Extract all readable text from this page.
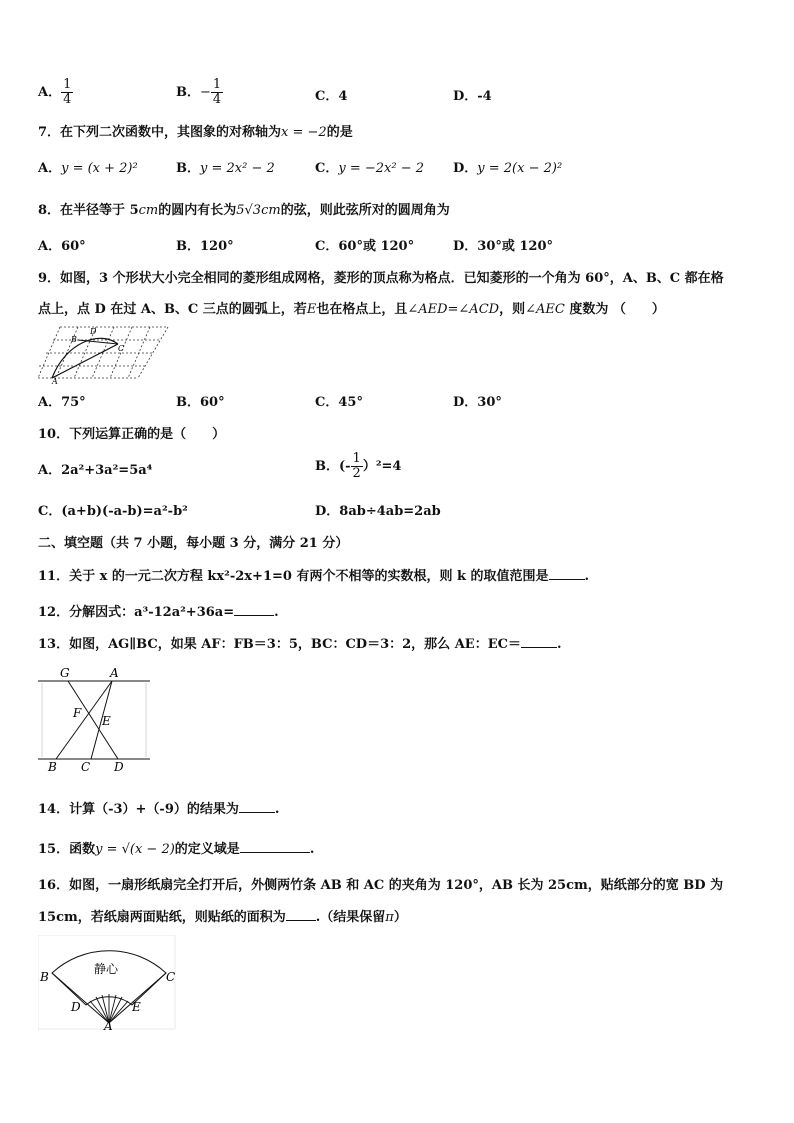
A． $\frac{1}{4}$	B．− $\frac{1}{4}$	C．4	D．-4
7．在下列二次函数中，其图象的对称轴为x = −2的是
A．y = (x + 2)²	B．y = 2x² − 2	C．y = −2x² − 2 D．y = 2(x − 2)²
8．在半径等于 5cm的圆内有长为5√3cm的弦，则此弦所对的圆周角为
A．60°	B．120°	C．60°或 120°	D．30°或 120°
9．如图，3 个形状大小完全相同的菱形组成网格，菱形的顶点称为格点．已知菱形的一个角为 60°，A、B、C 都在格
点上，点 D 在过 A、B、C 三点的圆弧上，若E也在格点上，且∠AED=∠ACD，则∠AEC 度数为 （　　）
D
B
C
A
A．75°	B．60°	C．45°	D．30°
10．下列运算正确的是（　　）
A．2a²+3a²=5a⁴	B．(- $\frac{1}{2} )^2=4$
C．(a+b)(-a-b)=a²-b²	D．8ab÷4ab=2ab
二、填空题（共 7 小题，每小题 3 分，满分 21 分）
11．关于 x 的一元二次方程 kx²-2x+1=0 有两个不相等的实数根，则 k 的取值范围是	.
12．分解因式：a³-12a²+36a=	.
13．如图，AG∥BC，如果 AF：FB＝3：5，BC：CD＝3：2，那么 AE：EC＝	.
G	A
F
E
B C D
14．计算（-3）+（-9）的结果为	.
15．函数y = √(x − 2)的定义域是	.
16．如图，一扇形纸扇完全打开后，外侧两竹条 AB 和 AC 的夹角为 120°，AB 长为 25cm，贴纸部分的宽 BD 为
15cm，若纸扇两面贴纸，则贴纸的面积为 .（结果保留π）
静心
B	C
D	E
A
